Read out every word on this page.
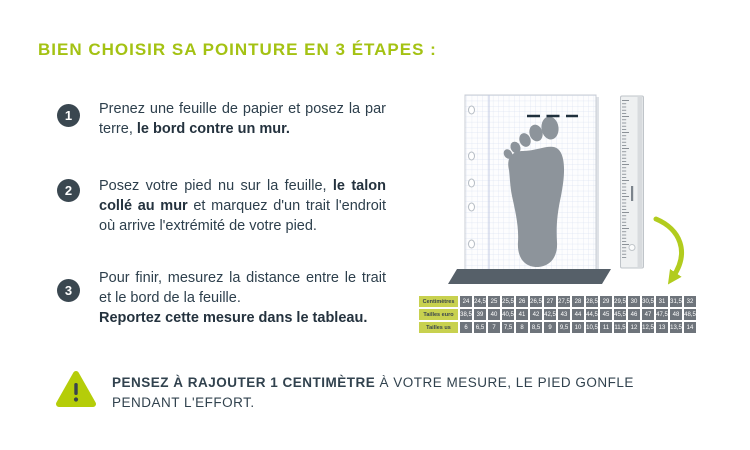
BIEN CHOISIR SA POINTURE EN 3 ÉTAPES :
1	Prenez une feuille de papier et posez la par terre, le bord contre un mur.
2	Posez votre pied nu sur la feuille, le talon collé au mur et marquez d'un trait l'endroit où arrive l'extrémité de votre pied.
3
Pour finir, mesurez la distance entre le trait et le bord de la feuille.
Reportez cette mesure dans le tableau.
Centimètres	24 24,5 25 25,5 26 26,5 27 27,5 28 28,5 29 29,5 30 30,5 31 31,5 32
Tailles euro	38,5 39	40 40,5 41	42 42,5 43	44 44,5 45 45,5 46	47 47,5 48 48,5
Tailles us	6	6,5	7	7,5	8	8,5	9	9,5	10 10,5 11 11,5 12 12,5 13 13,5 14
PENSEZ À RAJOUTER 1 CENTIMÈTRE À VOTRE MESURE, LE PIED GONFLE PENDANT L'EFFORT.
